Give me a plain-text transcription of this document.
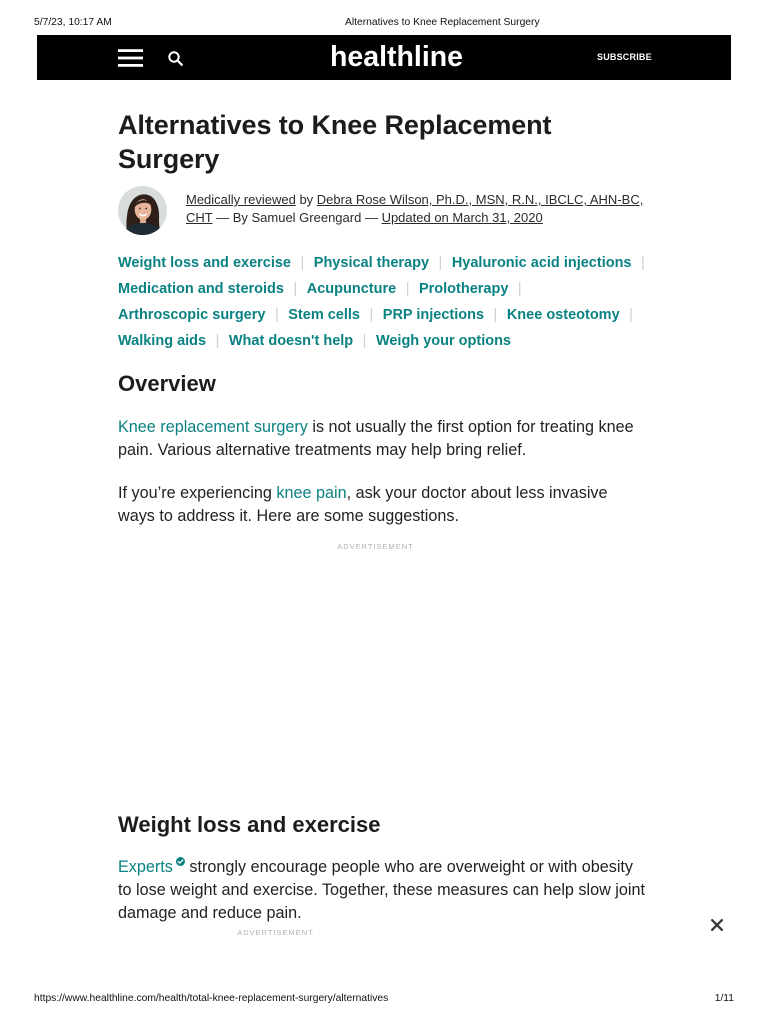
5/7/23, 10:17 AM	Alternatives to Knee Replacement Surgery
healthline	SUBSCRIBE
Alternatives to Knee Replacement Surgery
Medically reviewed by Debra Rose Wilson, Ph.D., MSN, R.N., IBCLC, AHN-BC, CHT — By Samuel Greengard — Updated on March 31, 2020
Weight loss and exercise | Physical therapy | Hyaluronic acid injections |
Medication and steroids | Acupuncture | Prolotherapy |
Arthroscopic surgery | Stem cells | PRP injections | Knee osteotomy |
Walking aids | What doesn't help | Weigh your options
Overview

Knee replacement surgery is not usually the first option for treating knee
pain. Various alternative treatments may help bring relief.

If you’re experiencing knee pain, ask your doctor about less invasive
ways to address it. Here are some suggestions.

ADVERTISEMENT
Weight loss and exercise

Experts
strongly encourage people who are overweight or with obesity
to lose weight and exercise. Together, these measures can help slow joint
damage and reduce pain.

ADVERTISEMENT
https://www.healthline.com/health/total-knee-replacement-surgery/alternatives	1/11
